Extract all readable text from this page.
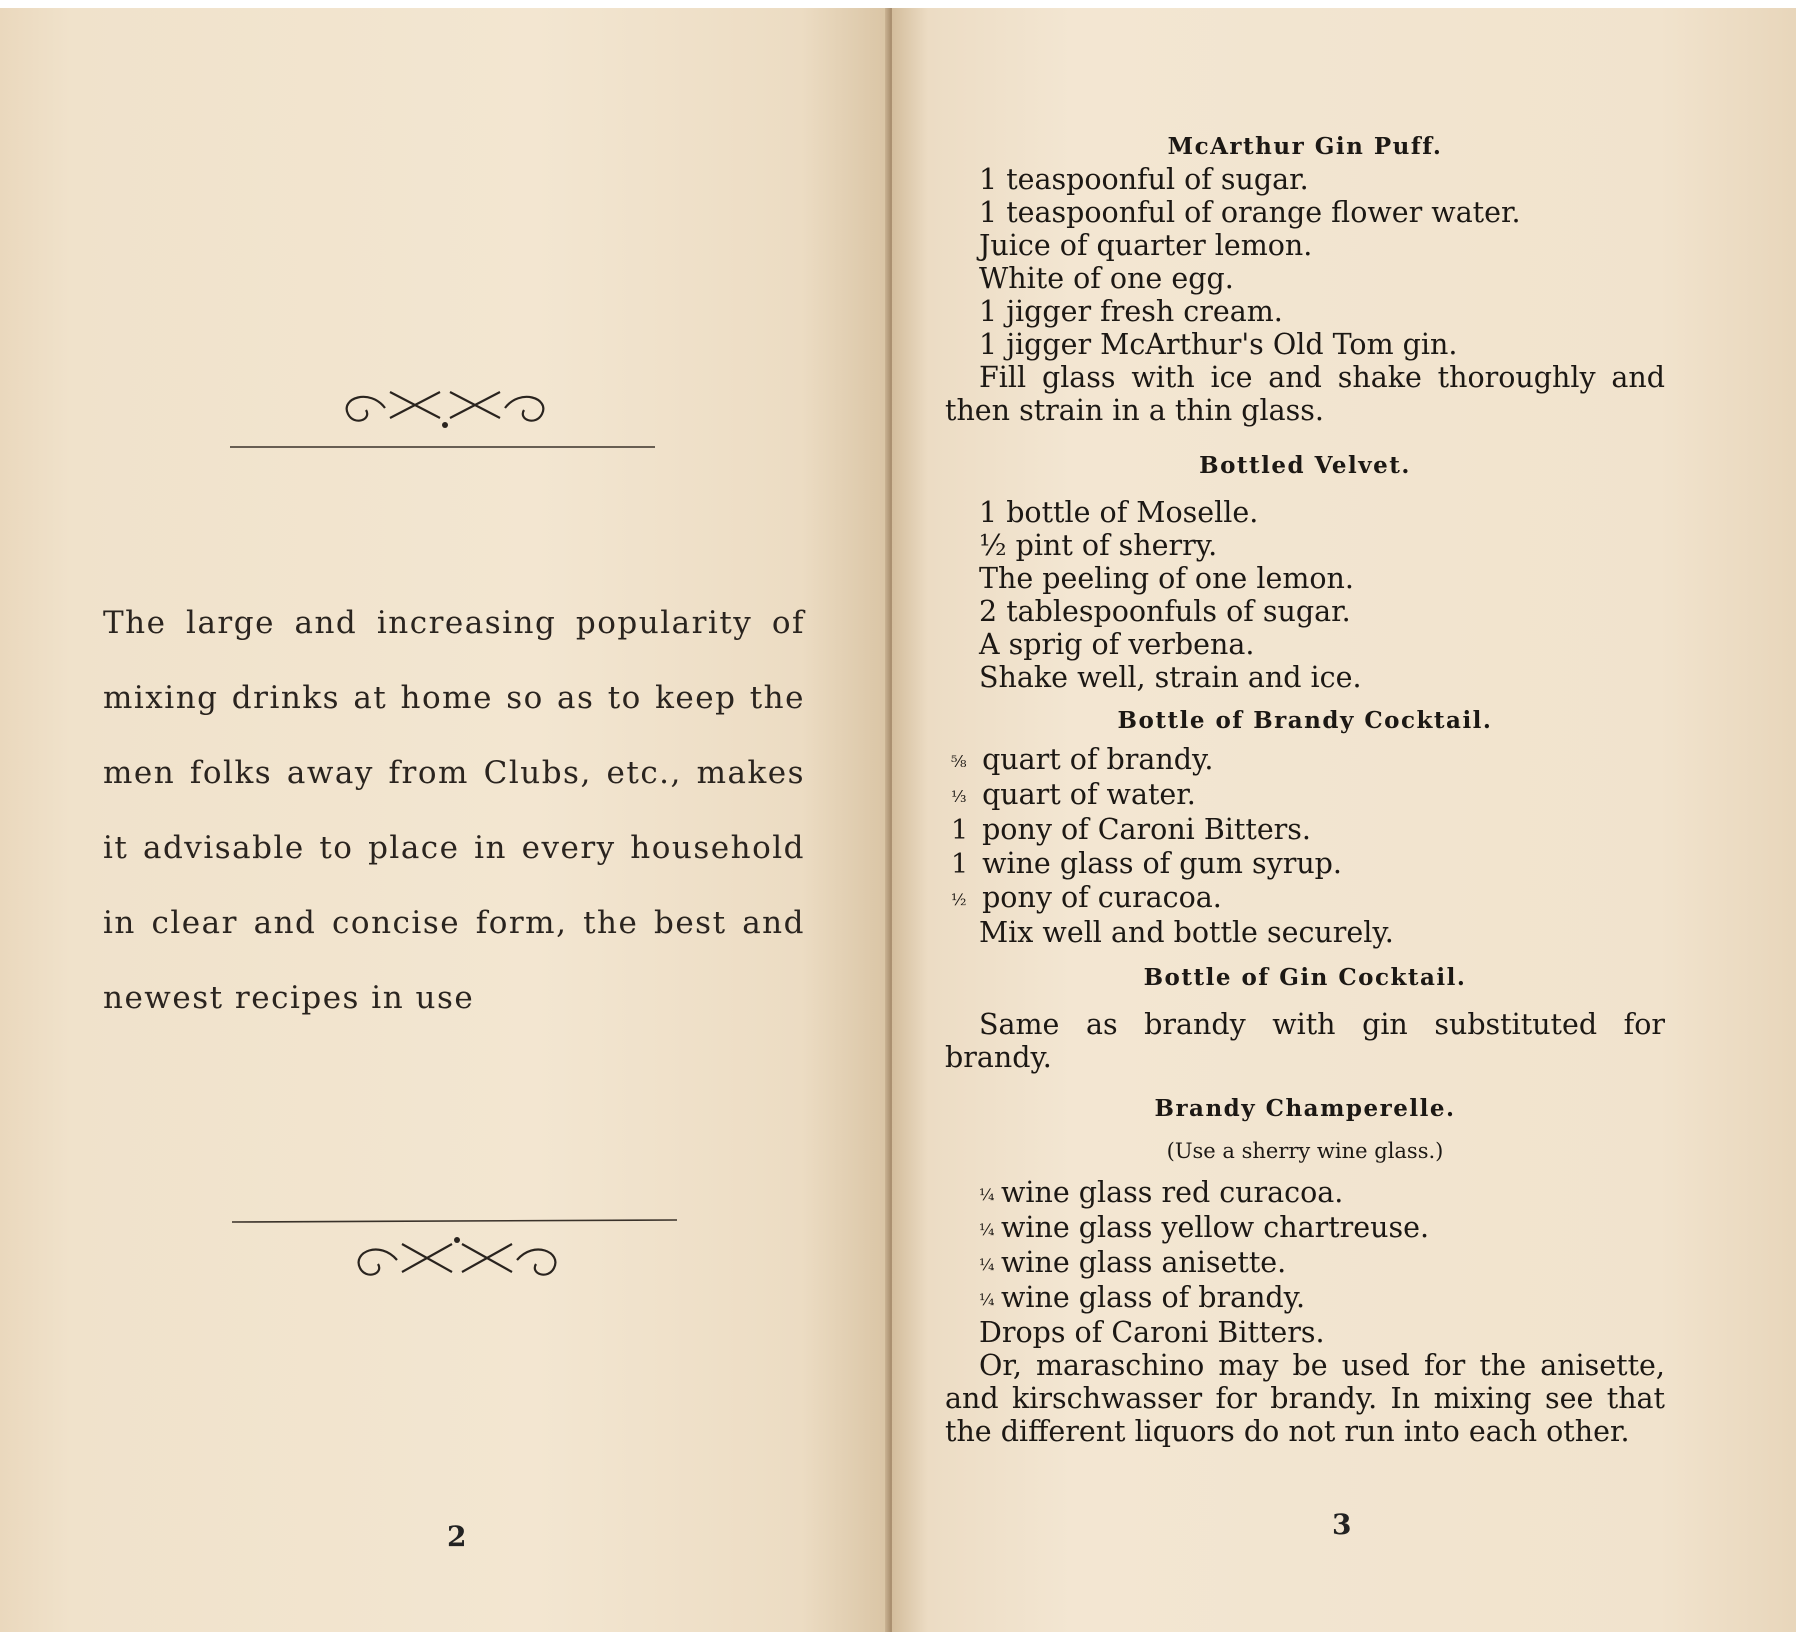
The large and increasing popularity of mixing drinks at home so as to keep the men folks away from Clubs, etc., makes it advisable to place in every household in clear and concise form, the best and newest recipes in use

2

McArthur Gin Puff.

1 teaspoonful of sugar.
1 teaspoonful of orange flower water.
Juice of quarter lemon.
White of one egg.
1 jigger fresh cream.
1 jigger McArthur's Old Tom gin.
Fill glass with ice and shake thoroughly and then strain in a thin glass.

Bottled Velvet.

1 bottle of Moselle.
½ pint of sherry.
The peeling of one lemon.
2 tablespoonfuls of sugar.
A sprig of verbena.
Shake well, strain and ice.

Bottle of Brandy Cocktail.

⅝ quart of brandy.
⅓ quart of water.
1 pony of Caroni Bitters.
1 wine glass of gum syrup.
½ pony of curacoa.
Mix well and bottle securely.

Bottle of Gin Cocktail.

Same as brandy with gin substituted for brandy.

Brandy Champerelle.

(Use a sherry wine glass.)

¼ wine glass red curacoa.
¼ wine glass yellow chartreuse.
¼ wine glass anisette.
¼ wine glass of brandy.
Drops of Caroni Bitters.
Or, maraschino may be used for the anisette, and kirschwasser for brandy. In mixing see that the different liquors do not run into each other.
3
